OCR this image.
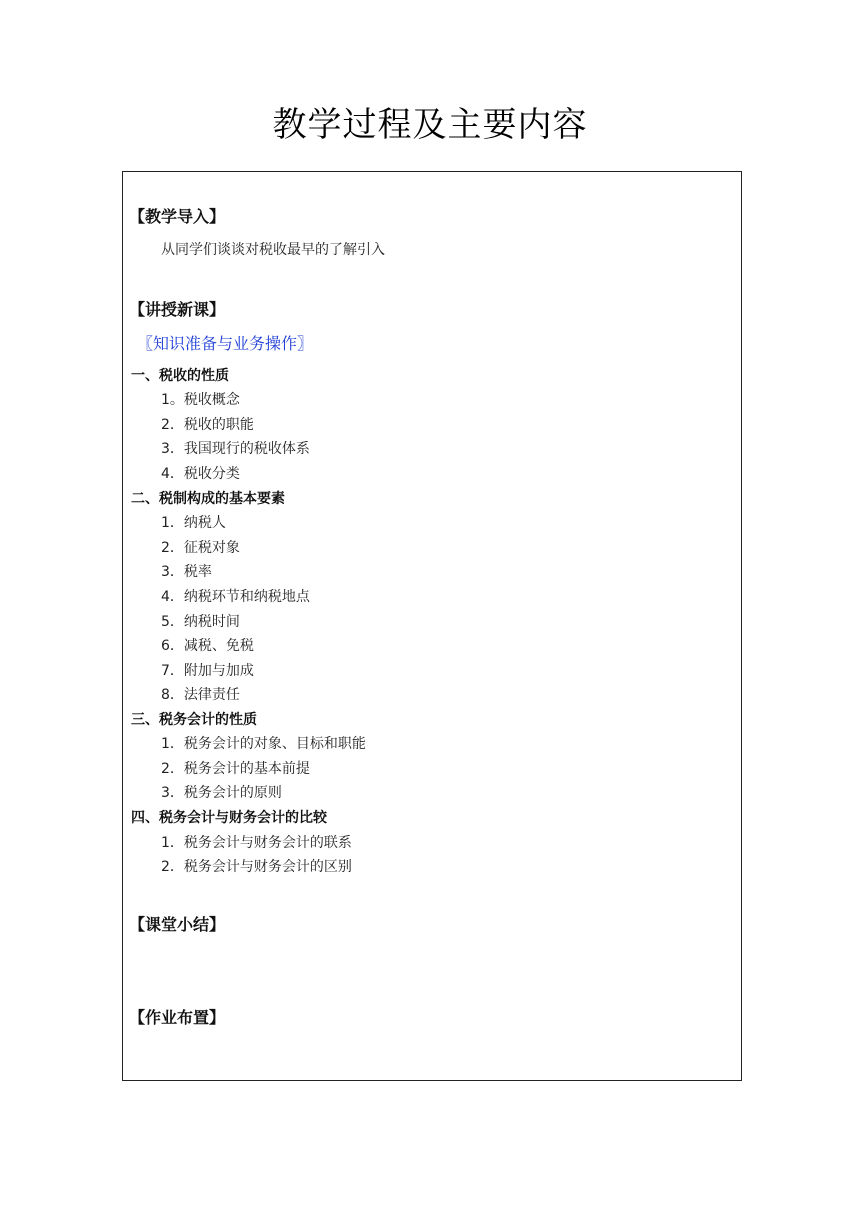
教学过程及主要内容
【教学导入】
从同学们谈谈对税收最早的了解引入
【讲授新课】
〖知识准备与业务操作〗
一、税收的性质
1。税收概念
2．税收的职能
3．我国现行的税收体系
4．税收分类
二、税制构成的基本要素
1．纳税人
2．征税对象
3．税率
4．纳税环节和纳税地点
5．纳税时间
6．减税、免税
7．附加与加成
8．法律责任
三、税务会计的性质
1．税务会计的对象、目标和职能
2．税务会计的基本前提
3．税务会计的原则
四、税务会计与财务会计的比较
1．税务会计与财务会计的联系
2．税务会计与财务会计的区别
【课堂小结】
【作业布置】
